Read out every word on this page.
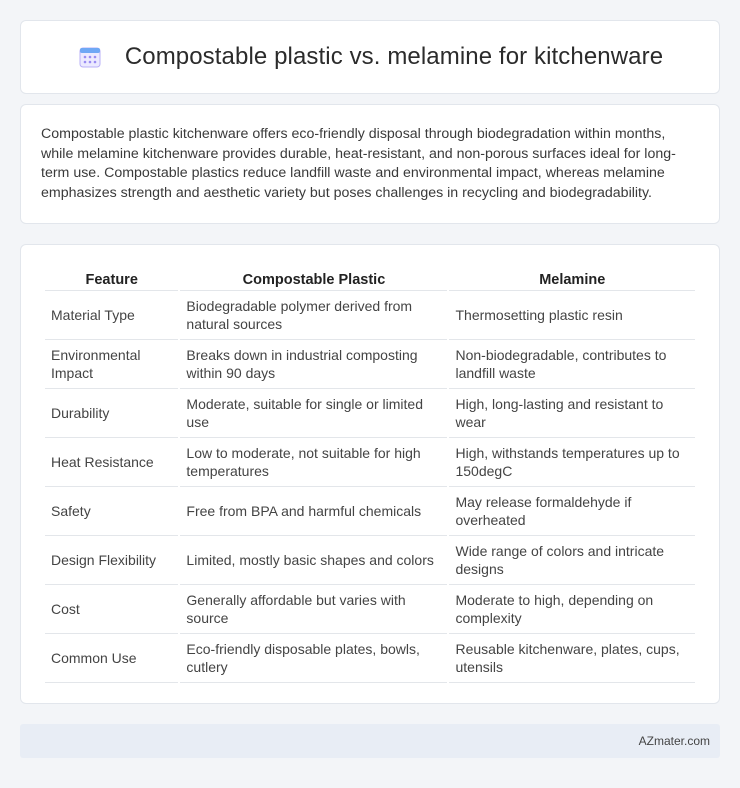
Compostable plastic vs. melamine for kitchenware

Compostable plastic kitchenware offers eco-friendly disposal through biodegradation within months, while melamine kitchenware provides durable, heat-resistant, and non-porous surfaces ideal for long-term use. Compostable plastics reduce landfill waste and environmental impact, whereas melamine emphasizes strength and aesthetic variety but poses challenges in recycling and biodegradability.

Feature	Compostable Plastic	Melamine
Material Type	Biodegradable polymer derived from natural sources	Thermosetting plastic resin
Environmental Impact	Breaks down in industrial composting within 90 days	Non-biodegradable, contributes to landfill waste
Durability	Moderate, suitable for single or limited use	High, long-lasting and resistant to wear
Heat Resistance	Low to moderate, not suitable for high temperatures	High, withstands temperatures up to 150degC
Safety	Free from BPA and harmful chemicals	May release formaldehyde if overheated
Design Flexibility	Limited, mostly basic shapes and colors	Wide range of colors and intricate designs
Cost	Generally affordable but varies with source	Moderate to high, depending on complexity
Common Use	Eco-friendly disposable plates, bowls, cutlery	Reusable kitchenware, plates, cups, utensils
AZmater.com
